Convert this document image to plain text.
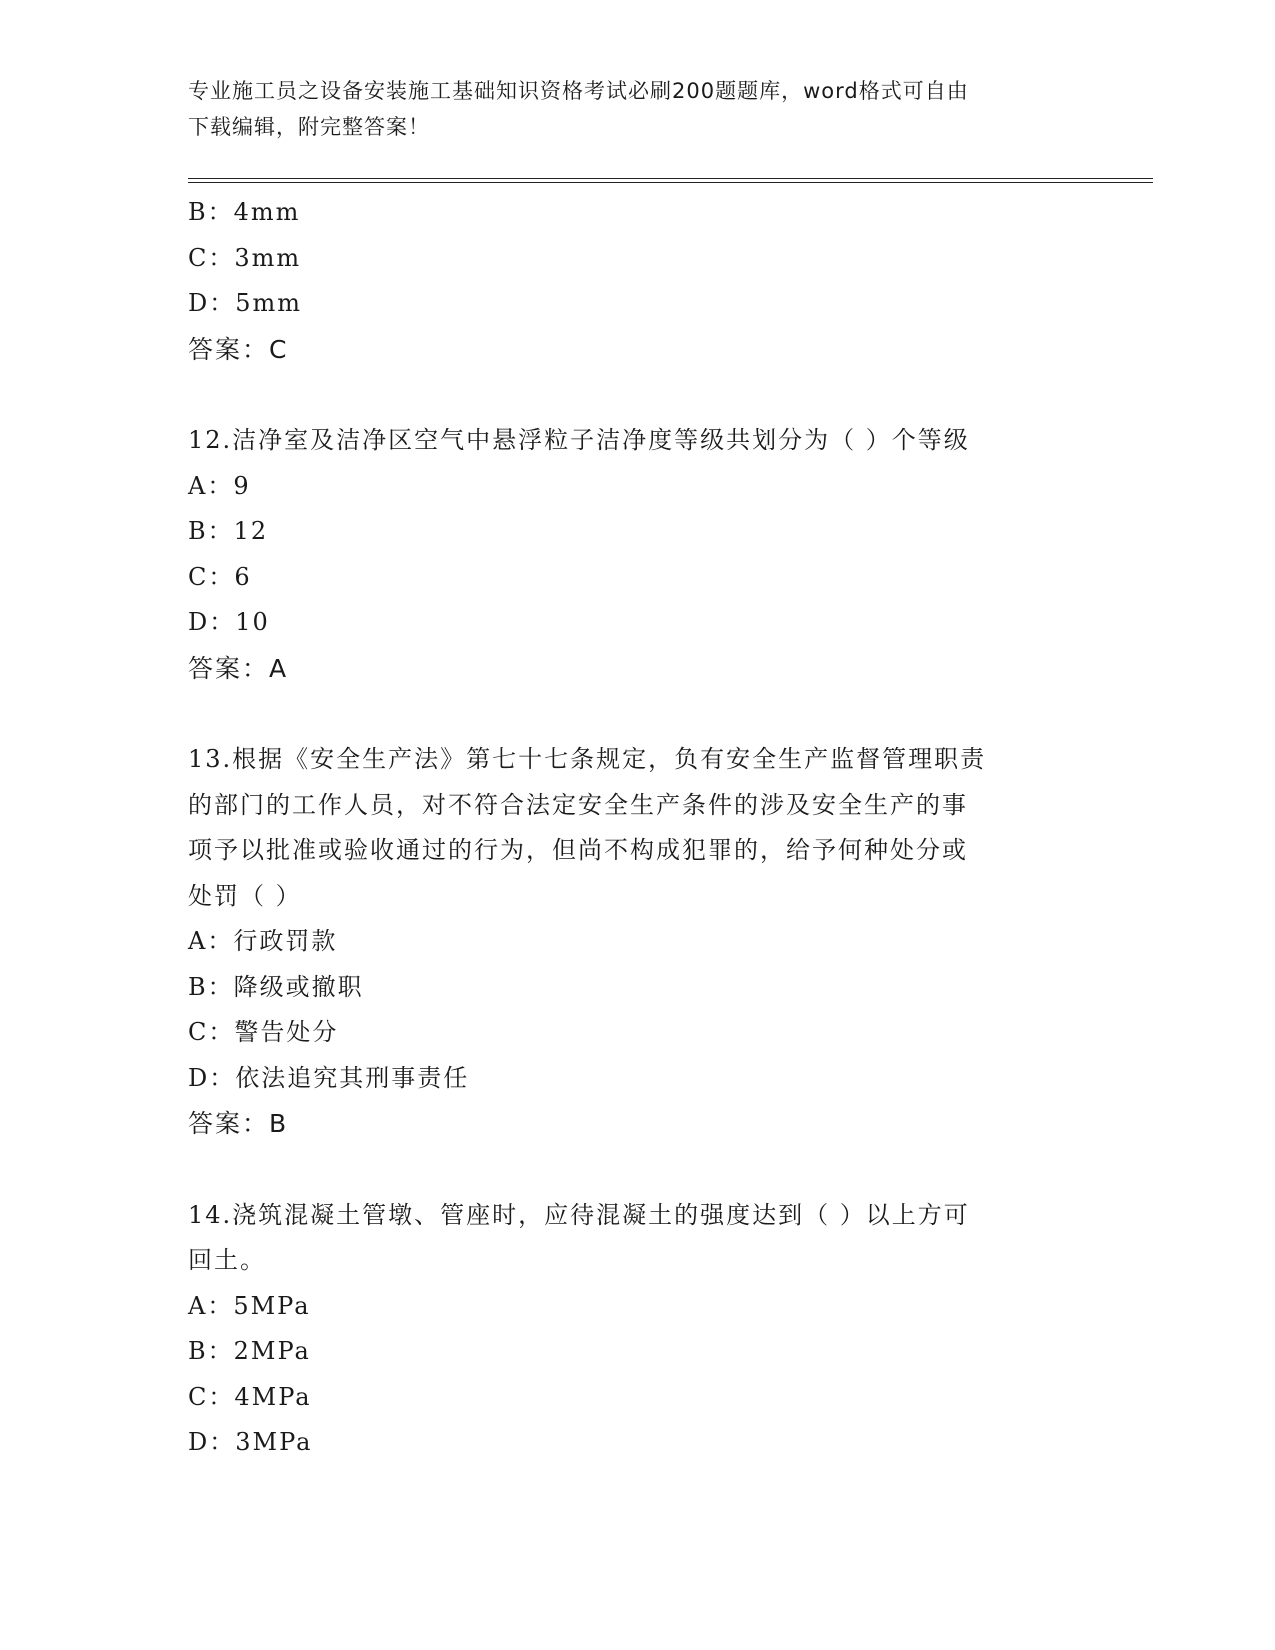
专业施工员之设备安装施工基础知识资格考试必刷200题题库，word格式可自由
下载编辑，附完整答案！
B：4mm
C：3mm
D：5mm
答案：C
12.洁净室及洁净区空气中悬浮粒子洁净度等级共划分为（ ）个等级
A：9
B：12
C：6
D：10
答案：A
13.根据《安全生产法》第七十七条规定，负有安全生产监督管理职责
的部门的工作人员，对不符合法定安全生产条件的涉及安全生产的事
项予以批准或验收通过的行为，但尚不构成犯罪的，给予何种处分或
处罚（ ）
A：行政罚款
B：降级或撤职
C：警告处分
D：依法追究其刑事责任
答案：B
14.浇筑混凝土管墩、管座时，应待混凝土的强度达到（ ）以上方可
回土。
A：5MPa
B：2MPa
C：4MPa
D：3MPa
